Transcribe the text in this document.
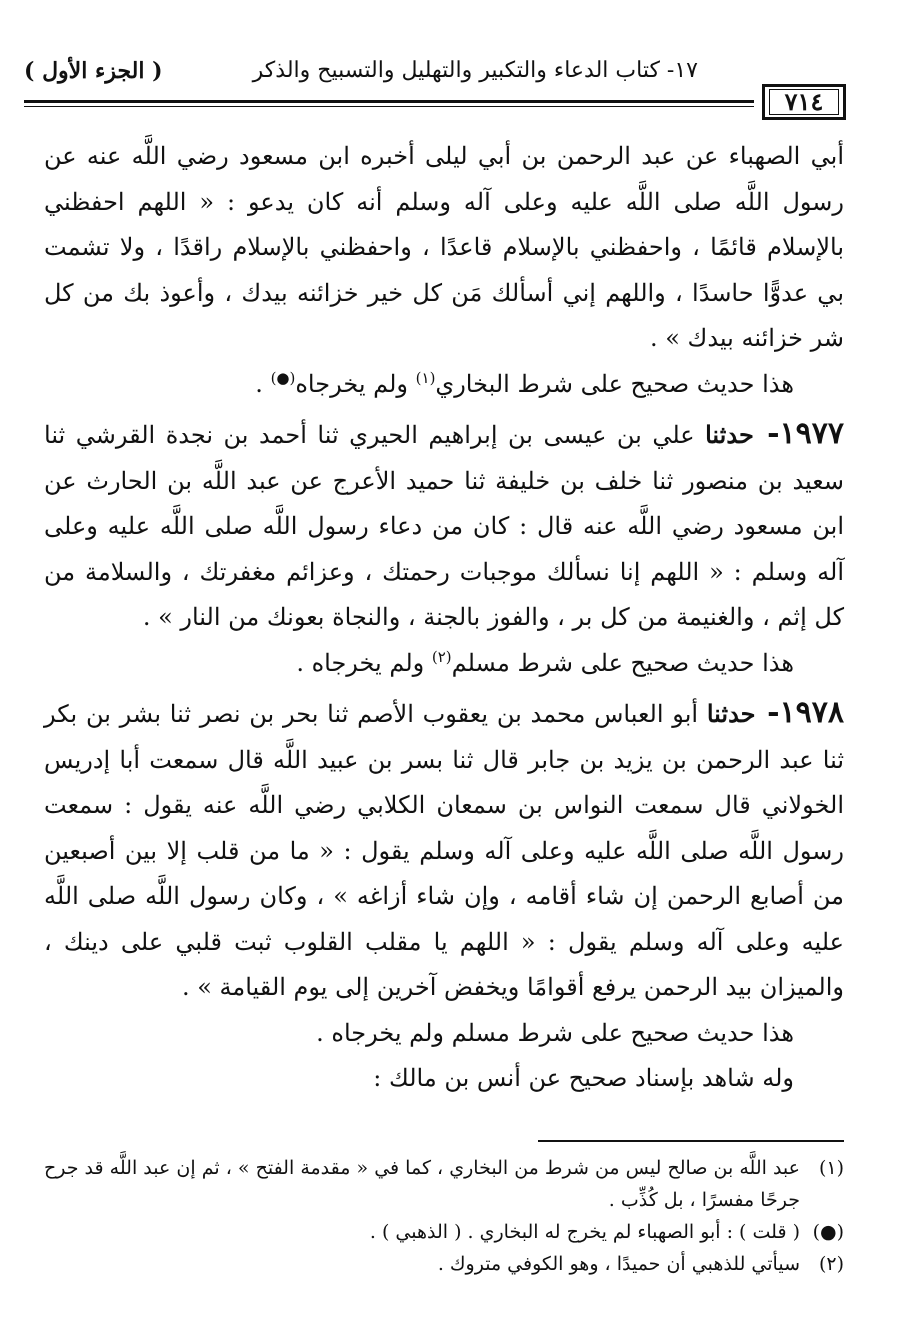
( الجزء الأول )	١٧- كتاب الدعاء والتكبير والتهليل والتسبيح والذكر
٧١٤

أبي الصهباء عن عبد الرحمن بن أبي ليلى أخبره ابن مسعود رضي اللَّه عنه عن رسول اللَّه صلى اللَّه عليه وعلى آله وسلم أنه كان يدعو : « اللهم احفظني بالإسلام قائمًا ، واحفظني بالإسلام قاعدًا ، واحفظني بالإسلام راقدًا ، ولا تشمت بي عدوًّا حاسدًا ، واللهم إني أسألك مَن كل خير خزائنه بيدك ، وأعوذ بك من كل شر خزائنه بيدك » .

هذا حديث صحيح على شرط البخاري$^{(١)}$ ولم يخرجاه(●) .

١٩٧٧- حدثنا علي بن عيسى بن إبراهيم الحيري ثنا أحمد بن نجدة القرشي ثنا سعيد بن منصور ثنا خلف بن خليفة ثنا حميد الأعرج عن عبد اللَّه بن الحارث عن ابن مسعود رضي اللَّه عنه قال : كان من دعاء رسول اللَّه صلى اللَّه عليه وعلى آله وسلم : « اللهم إنا نسألك موجبات رحمتك ، وعزائم مغفرتك ، والسلامة من كل إثم ، والغنيمة من كل بر ، والفوز بالجنة ، والنجاة بعونك من النار » .

هذا حديث صحيح على شرط مسلم$^{(٢)}$ ولم يخرجاه .

١٩٧٨- حدثنا أبو العباس محمد بن يعقوب الأصم ثنا بحر بن نصر ثنا بشر بن بكر ثنا عبد الرحمن بن يزيد بن جابر قال ثنا بسر بن عبيد اللَّه قال سمعت أبا إدريس الخولاني قال سمعت النواس بن سمعان الكلابي رضي اللَّه عنه يقول : سمعت رسول اللَّه صلى اللَّه عليه وعلى آله وسلم يقول : « ما من قلب إلا بين أصبعين من أصابع الرحمن إن شاء أقامه ، وإن شاء أزاغه » ، وكان رسول اللَّه صلى اللَّه عليه وعلى آله وسلم يقول : « اللهم يا مقلب القلوب ثبت قلبي على دينك ، والميزان بيد الرحمن يرفع أقوامًا ويخفض آخرين إلى يوم القيامة » .

هذا حديث صحيح على شرط مسلم ولم يخرجاه .

وله شاهد بإسناد صحيح عن أنس بن مالك :

(١)
عبد اللَّه بن صالح ليس من شرط من البخاري ، كما في « مقدمة الفتح » ، ثم إن عبد اللَّه قد جرح جرحًا مفسرًا ، بل كُذِّب .
(●)
( قلت ) : أبو الصهباء لم يخرج له البخاري . ( الذهبي ) .
(٢)
سيأتي للذهبي أن حميدًا ، وهو الكوفي متروك .
